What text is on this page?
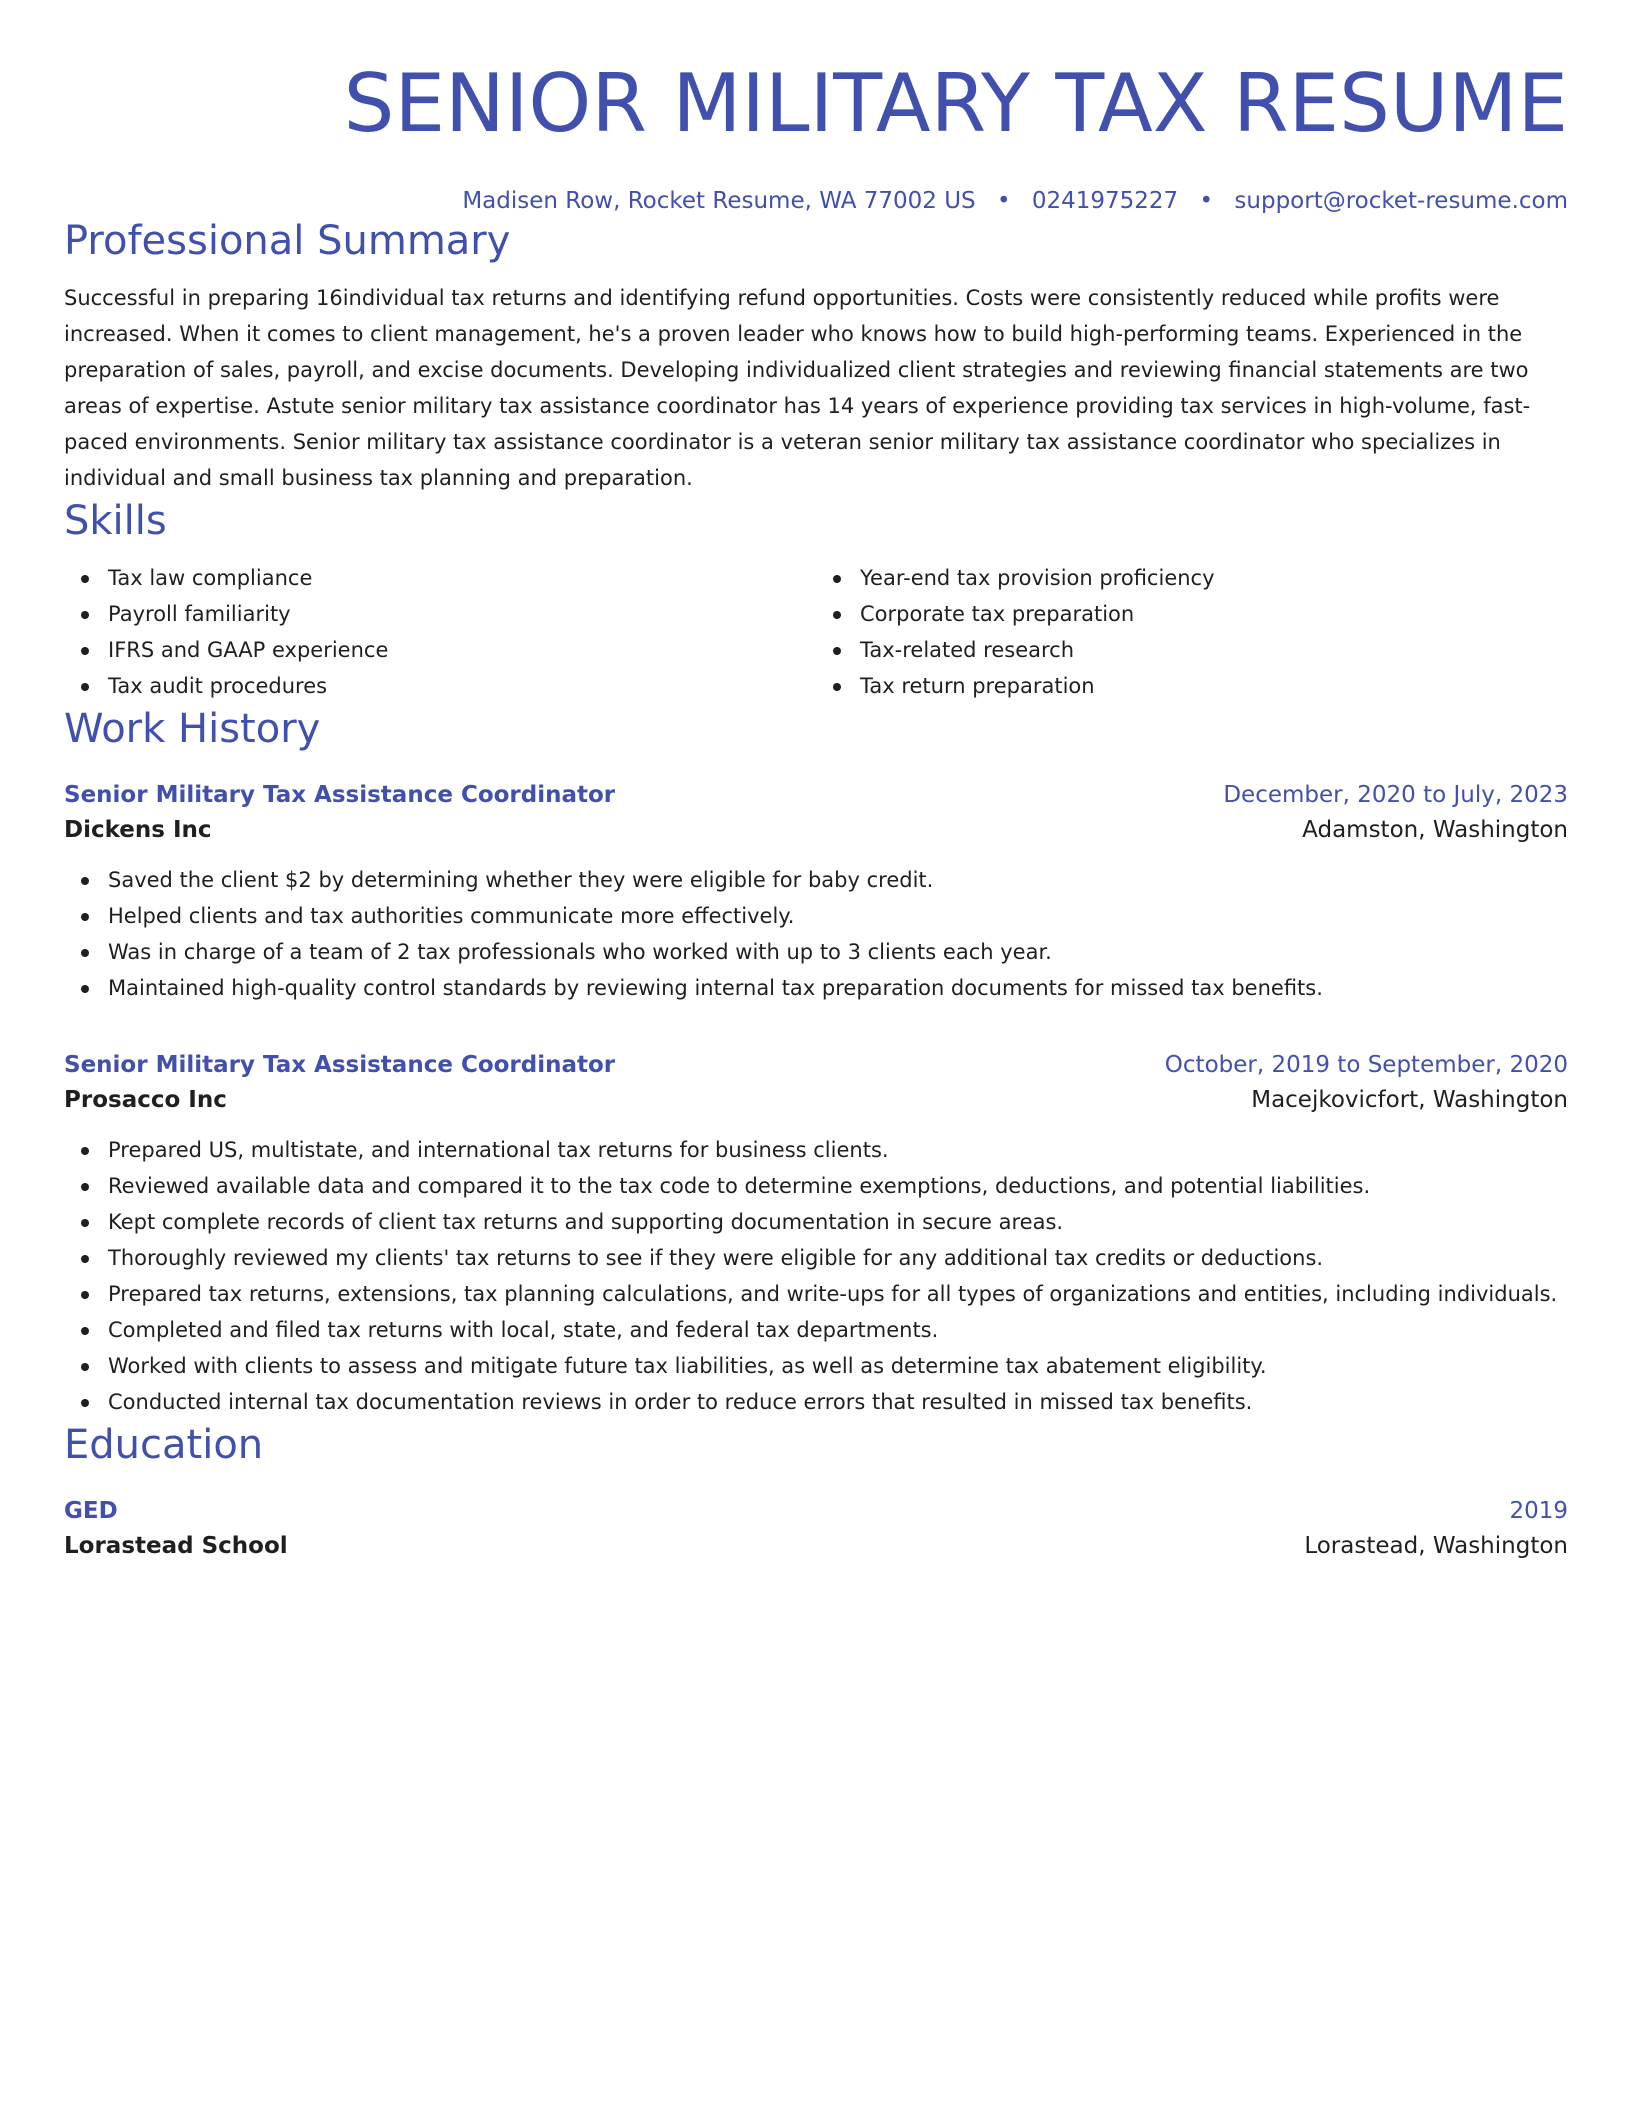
SENIOR MILITARY TAX RESUME
Madisen Row, Rocket Resume, WA 77002 US • 0241975227 • support@rocket-resume.com
Professional Summary
Successful in preparing 16individual tax returns and identifying refund opportunities. Costs were consistently reduced while profits were increased. When it comes to client management, he's a proven leader who knows how to build high-performing teams. Experienced in the preparation of sales, payroll, and excise documents. Developing individualized client strategies and reviewing financial statements are two areas of expertise. Astute senior military tax assistance coordinator has 14 years of experience providing tax services in high-volume, fast-paced environments. Senior military tax assistance coordinator is a veteran senior military tax assistance coordinator who specializes in individual and small business tax planning and preparation.
Skills
Tax law compliance
Payroll familiarity
IFRS and GAAP experience
Tax audit procedures
Year-end tax provision proficiency
Corporate tax preparation
Tax-related research
Tax return preparation
Work History
Senior Military Tax Assistance Coordinator	December, 2020 to July, 2023
Dickens Inc	Adamston, Washington
Saved the client $2 by determining whether they were eligible for baby credit.
Helped clients and tax authorities communicate more effectively.
Was in charge of a team of 2 tax professionals who worked with up to 3 clients each year.
Maintained high-quality control standards by reviewing internal tax preparation documents for missed tax benefits.
Senior Military Tax Assistance Coordinator	October, 2019 to September, 2020
Prosacco Inc	Macejkovicfort, Washington
Prepared US, multistate, and international tax returns for business clients.
Reviewed available data and compared it to the tax code to determine exemptions, deductions, and potential liabilities.
Kept complete records of client tax returns and supporting documentation in secure areas.
Thoroughly reviewed my clients' tax returns to see if they were eligible for any additional tax credits or deductions.
Prepared tax returns, extensions, tax planning calculations, and write-ups for all types of organizations and entities, including individuals.
Completed and filed tax returns with local, state, and federal tax departments.
Worked with clients to assess and mitigate future tax liabilities, as well as determine tax abatement eligibility.
Conducted internal tax documentation reviews in order to reduce errors that resulted in missed tax benefits.
Education
GED	2019
Lorastead School	Lorastead, Washington
